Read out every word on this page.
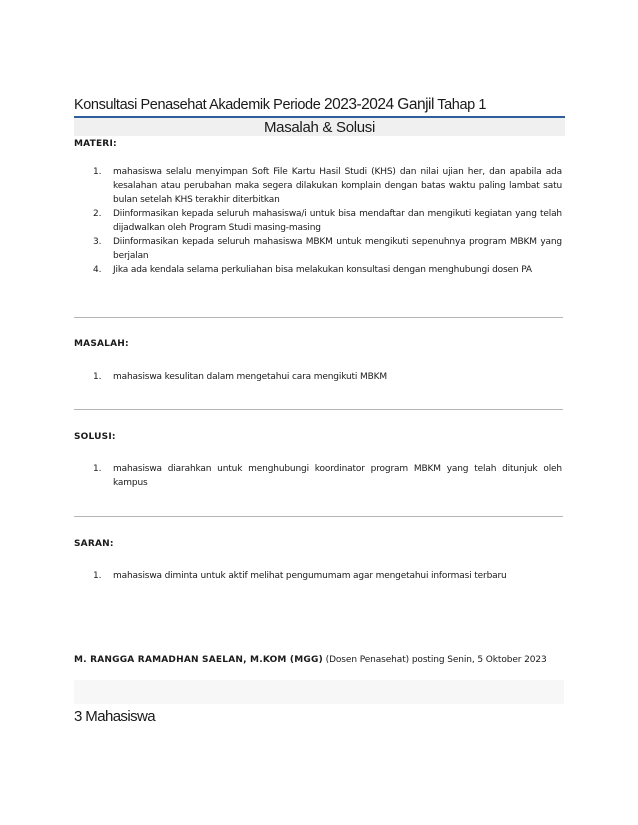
Konsultasi Penasehat Akademik Periode 2023-2024 Ganjil Tahap 1
Masalah & Solusi
MATERI:
1. mahasiswa selalu menyimpan Soft File Kartu Hasil Studi (KHS) dan nilai ujian her, dan apabila ada kesalahan atau perubahan maka segera dilakukan komplain dengan batas waktu paling lambat satu bulan setelah KHS terakhir diterbitkan
2. Diinformasikan kepada seluruh mahasiswa/i untuk bisa mendaftar dan mengikuti kegiatan yang telah dijadwalkan oleh Program Studi masing-masing
3. Diinformasikan kepada seluruh mahasiswa MBKM untuk mengikuti sepenuhnya program MBKM yang berjalan
4. Jika ada kendala selama perkuliahan bisa melakukan konsultasi dengan menghubungi dosen PA
MASALAH:
1. mahasiswa kesulitan dalam mengetahui cara mengikuti MBKM
SOLUSI:
1. mahasiswa diarahkan untuk menghubungi koordinator program MBKM yang telah ditunjuk oleh kampus
SARAN:
1. mahasiswa diminta untuk aktif melihat pengumumam agar mengetahui informasi terbaru
M. RANGGA RAMADHAN SAELAN, M.KOM (MGG) (Dosen Penasehat) posting Senin, 5 Oktober 2023
3 Mahasiswa
